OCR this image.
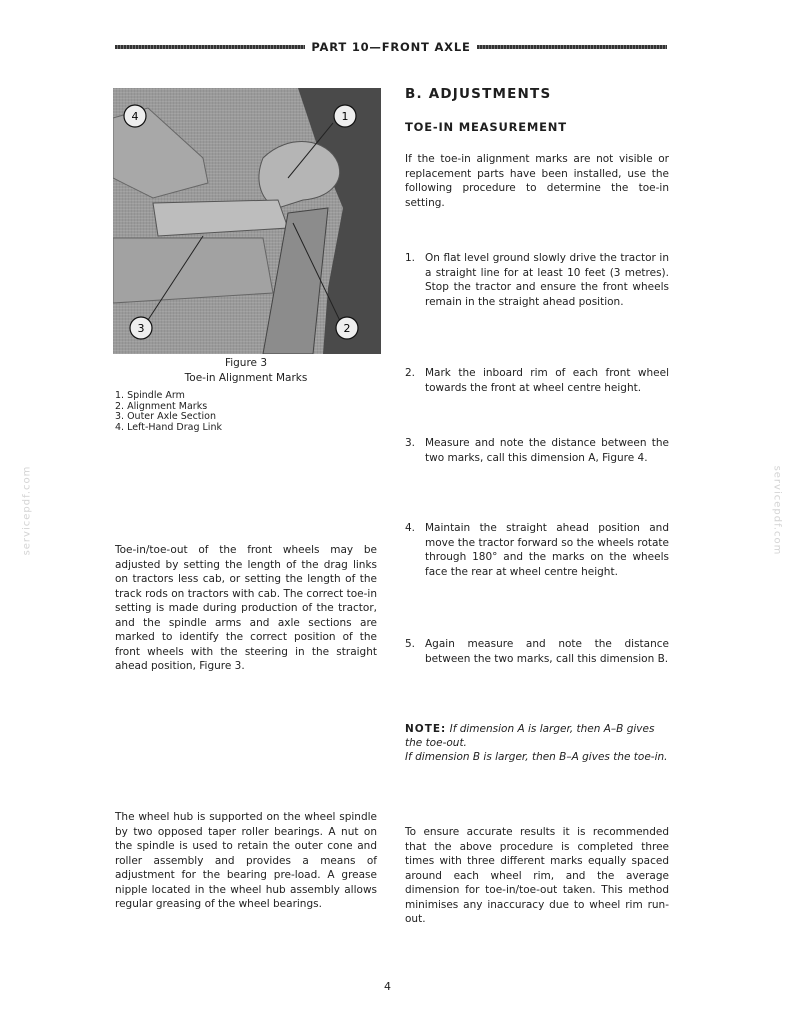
PART 10—FRONT AXLE
4	1
3	2
Figure 3
Toe-in Alignment Marks
1. Spindle Arm
2. Alignment Marks
3. Outer Axle Section
4. Left-Hand Drag Link
Toe-in/toe-out of the front wheels may be adjusted by setting the length of the drag links on tractors less cab, or setting the length of the track rods on tractors with cab. The correct toe-in setting is made during production of the tractor, and the spindle arms and axle sections are marked to identify the correct position of the front wheels with the steering in the straight ahead position, Figure 3.
The wheel hub is supported on the wheel spindle by two opposed taper roller bearings. A nut on the spindle is used to retain the outer cone and roller assembly and provides a means of adjustment for the bearing pre-load. A grease nipple located in the wheel hub assembly allows regular greasing of the wheel bearings.
B. ADJUSTMENTS
TOE-IN MEASUREMENT
If the toe-in alignment marks are not visible or replacement parts have been installed, use the following procedure to determine the toe-in setting.
1. On flat level ground slowly drive the tractor in a straight line for at least 10 feet (3 metres). Stop the tractor and ensure the front wheels remain in the straight ahead position.
2. Mark the inboard rim of each front wheel towards the front at wheel centre height.
3. Measure and note the distance between the two marks, call this dimension A, Figure 4.
4. Maintain the straight ahead position and move the tractor forward so the wheels rotate through 180° and the marks on the wheels face the rear at wheel centre height.
5. Again measure and note the distance between the two marks, call this dimension B.
NOTE: If dimension A is larger, then A–B gives the toe-out.
If dimension B is larger, then B–A gives the toe-in.
To ensure accurate results it is recommended that the above procedure is completed three times with three different marks equally spaced around each wheel rim, and the average dimension for toe-in/toe-out taken. This method minimises any inaccuracy due to wheel rim run-out.
servicepdf.com	servicepdf.com
4
